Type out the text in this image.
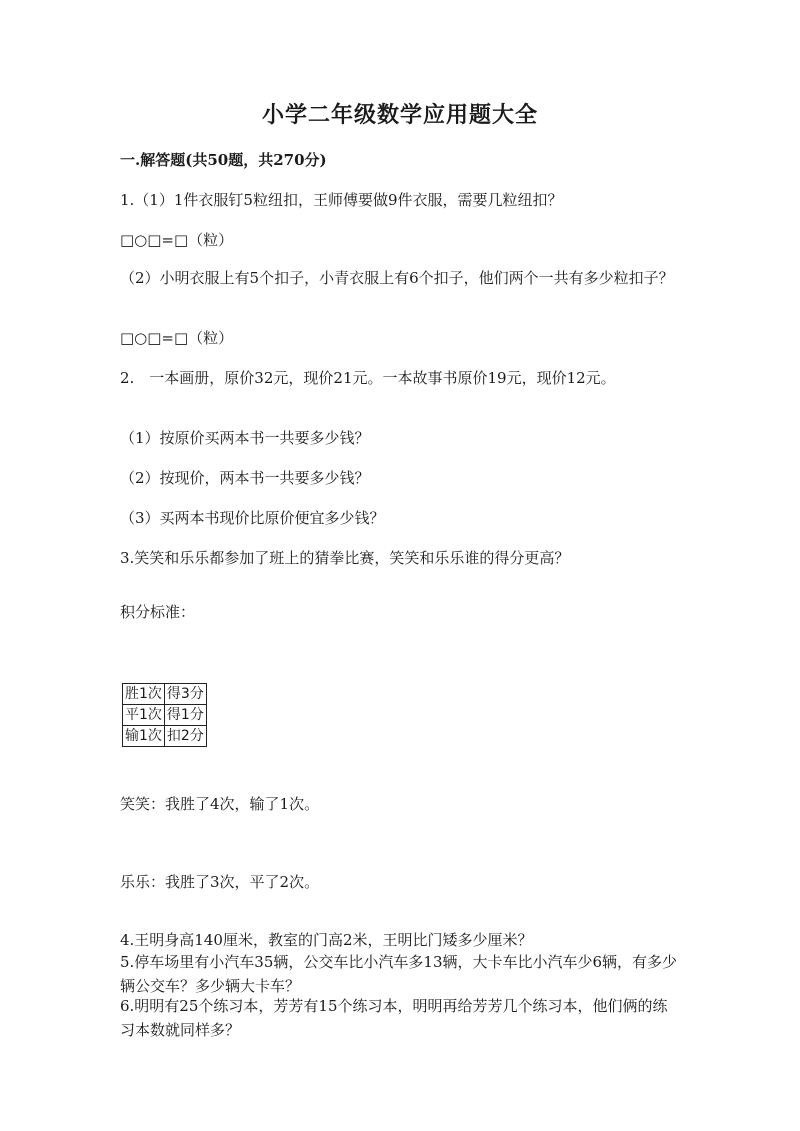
小学二年级数学应用题大全
一.解答题(共50题，共270分)
1.（1）1件衣服钉5粒纽扣，王师傅要做9件衣服，需要几粒纽扣？
□○□=□（粒）
（2）小明衣服上有5个扣子，小青衣服上有6个扣子，他们两个一共有多少粒扣子？
□○□=□（粒）
2.　一本画册，原价32元，现价21元。一本故事书原价19元，现价12元。
（1）按原价买两本书一共要多少钱？
（2）按现价，两本书一共要多少钱？
（3）买两本书现价比原价便宜多少钱？
3.笑笑和乐乐都参加了班上的猜拳比赛，笑笑和乐乐谁的得分更高？
积分标准：
胜1次	得3分
平1次	得1分
输1次	扣2分
笑笑：我胜了4次，输了1次。
乐乐：我胜了3次，平了2次。
4.王明身高140厘米，教室的门高2米，王明比门矮多少厘米？
5.停车场里有小汽车35辆，公交车比小汽车多13辆，大卡车比小汽车少6辆，有多少辆公交车？多少辆大卡车？
6.明明有25个练习本，芳芳有15个练习本，明明再给芳芳几个练习本，他们俩的练习本数就同样多？
